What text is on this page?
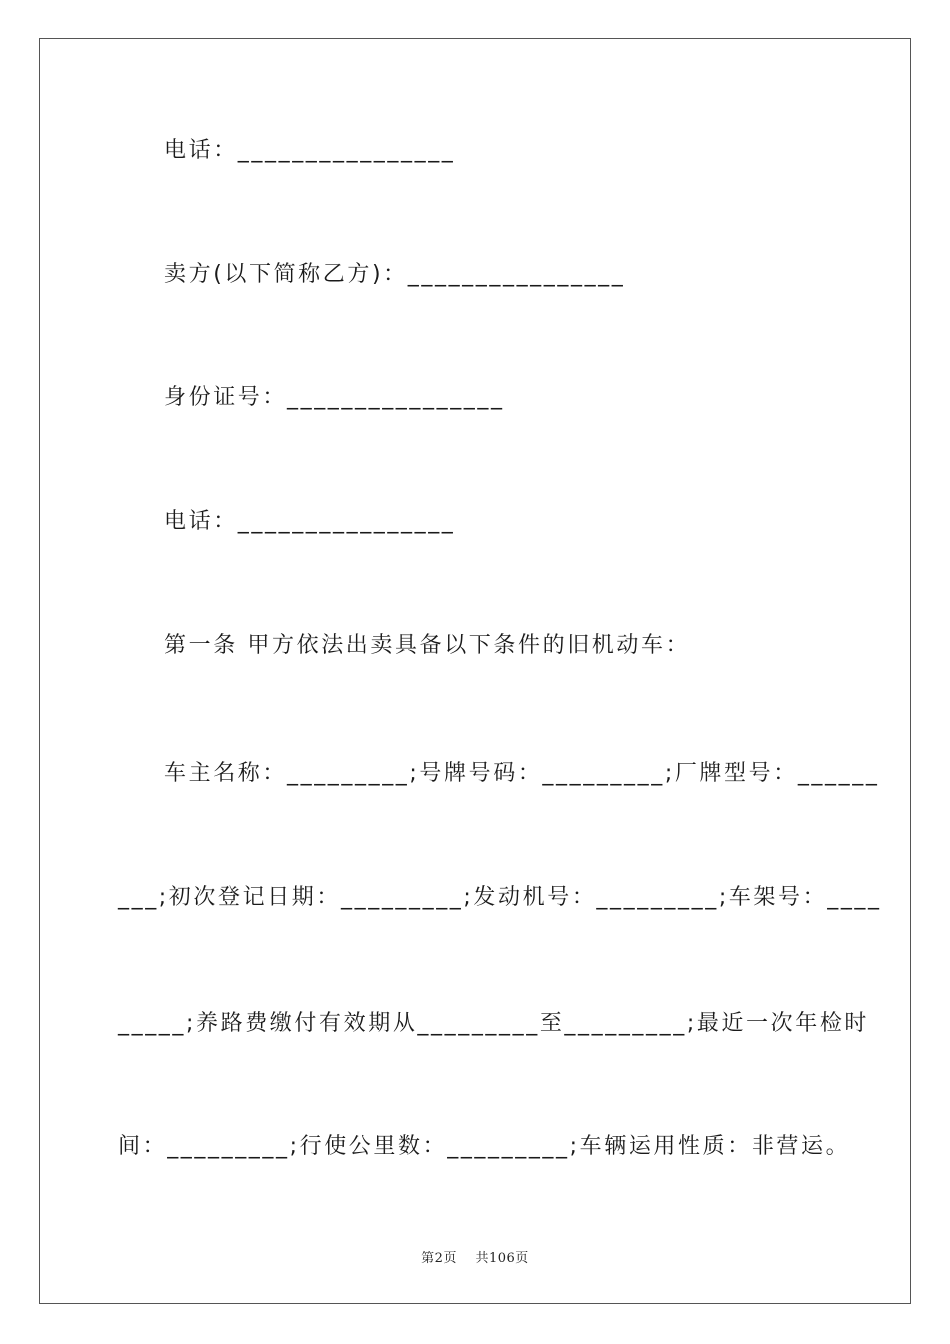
电话：________________
卖方(以下简称乙方)：________________
身份证号：________________
电话：________________
第一条 甲方依法出卖具备以下条件的旧机动车：
车主名称：_________;号牌号码：_________;厂牌型号：______
___;初次登记日期：_________;发动机号：_________;车架号：____
_____;养路费缴付有效期从_________至_________;最近一次年检时
间：_________;行使公里数：_________;车辆运用性质：非营运。
第2页 共106页
